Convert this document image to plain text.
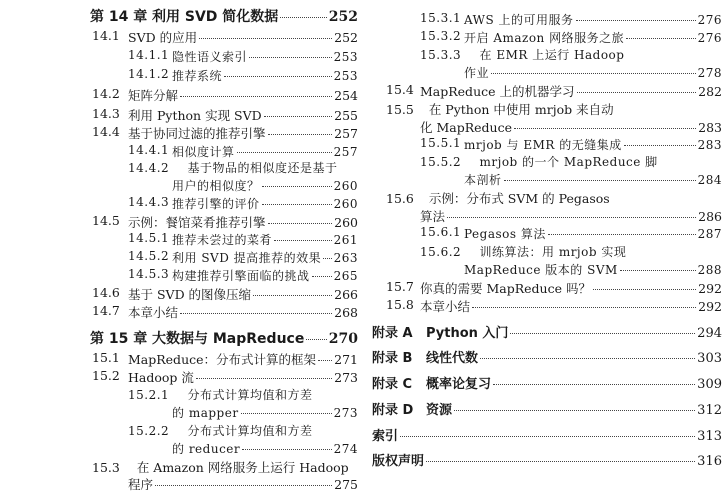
第 14 章 利用 SVD 简化数据	252
14.1 SVD 的应用	252
14.1.1 隐性语义索引	253
14.1.2 推荐系统	253
14.2 矩阵分解	254
14.3 利用 Python 实现 SVD	255
14.4 基于协同过滤的推荐引擎	257
14.4.1 相似度计算	257
14.4.2 基于物品的相似度还是基于
用户的相似度？	260
14.4.3 推荐引擎的评价	260
14.5 示例：餐馆菜肴推荐引擎	260
14.5.1 推荐未尝过的菜肴	261
14.5.2 利用 SVD 提高推荐的效果 263
14.5.3 构建推荐引擎面临的挑战 265
14.6 基于 SVD 的图像压缩	266
14.7 本章小结	268
第 15 章 大数据与 MapReduce 270
15.1 MapReduce：分布式计算的框架 271
15.2 Hadoop 流	273
15.2.1 分布式计算均值和方差
的 mapper	273
15.2.2 分布式计算均值和方差
的 reducer	274
15.3 在 Amazon 网络服务上运行 Hadoop
程序	275
15.3.1 AWS 上的可用服务	276
15.3.2 开启 Amazon 网络服务之旅	276
15.3.3 在 EMR 上运行 Hadoop
作业	278
15.4 MapReduce 上的机器学习	282
15.5 在 Python 中使用 mrjob 来自动
化 MapReduce	283
15.5.1 mrjob 与 EMR 的无缝集成	283
15.5.2 mrjob 的一个 MapReduce 脚
本剖析	284
15.6 示例：分布式 SVM 的 Pegasos
算法	286
15.6.1 Pegasos 算法	287
15.6.2 训练算法：用 mrjob 实现
MapReduce 版本的 SVM	288
15.7 你真的需要 MapReduce 吗？	292
15.8 本章小结	292
附录 A Python 入门	294
附录 B 线性代数	303
附录 C 概率论复习	309
附录 D 资源	312
索引	313
版权声明	316
